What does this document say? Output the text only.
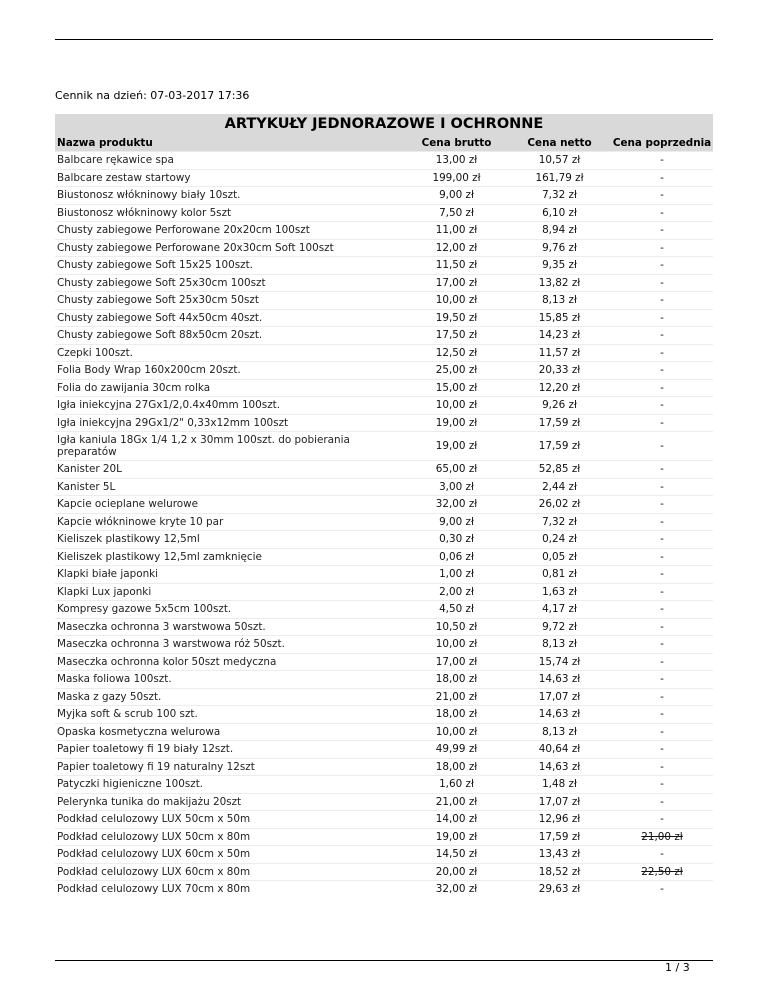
Cennik na dzień: 07-03-2017 17:36
ARTYKUŁY JEDNORAZOWE I OCHRONNE
Nazwa produktu	Cena brutto	Cena netto	Cena poprzednia
Balbcare rękawice spa	13,00 zł	10,57 zł	-
Balbcare zestaw startowy	199,00 zł	161,79 zł	-
Biustonosz włókninowy biały 10szt.	9,00 zł	7,32 zł	-
Biustonosz włókninowy kolor 5szt	7,50 zł	6,10 zł	-
Chusty zabiegowe Perforowane 20x20cm 100szt	11,00 zł	8,94 zł	-
Chusty zabiegowe Perforowane 20x30cm Soft 100szt	12,00 zł	9,76 zł	-
Chusty zabiegowe Soft 15x25 100szt.	11,50 zł	9,35 zł	-
Chusty zabiegowe Soft 25x30cm 100szt	17,00 zł	13,82 zł	-
Chusty zabiegowe Soft 25x30cm 50szt	10,00 zł	8,13 zł	-
Chusty zabiegowe Soft 44x50cm 40szt.	19,50 zł	15,85 zł	-
Chusty zabiegowe Soft 88x50cm 20szt.	17,50 zł	14,23 zł	-
Czepki 100szt.	12,50 zł	11,57 zł	-
Folia Body Wrap 160x200cm 20szt.	25,00 zł	20,33 zł	-
Folia do zawijania 30cm rolka	15,00 zł	12,20 zł	-
Igła iniekcyjna 27Gx1/2,0.4x40mm 100szt.	10,00 zł	9,26 zł	-
Igła iniekcyjna 29Gx1/2" 0,33x12mm 100szt	19,00 zł	17,59 zł	-
Igła kaniula 18Gx 1/4 1,2 x 30mm 100szt. do pobierania preparatów	19,00 zł	17,59 zł	-
Kanister 20L	65,00 zł	52,85 zł	-
Kanister 5L	3,00 zł	2,44 zł	-
Kapcie ocieplane welurowe	32,00 zł	26,02 zł	-
Kapcie włókninowe kryte 10 par	9,00 zł	7,32 zł	-
Kieliszek plastikowy 12,5ml	0,30 zł	0,24 zł	-
Kieliszek plastikowy 12,5ml zamknięcie	0,06 zł	0,05 zł	-
Klapki białe japonki	1,00 zł	0,81 zł	-
Klapki Lux japonki	2,00 zł	1,63 zł	-
Kompresy gazowe 5x5cm 100szt.	4,50 zł	4,17 zł	-
Maseczka ochronna 3 warstwowa 50szt.	10,50 zł	9,72 zł	-
Maseczka ochronna 3 warstwowa róż 50szt.	10,00 zł	8,13 zł	-
Maseczka ochronna kolor 50szt medyczna	17,00 zł	15,74 zł	-
Maska foliowa 100szt.	18,00 zł	14,63 zł	-
Maska z gazy 50szt.	21,00 zł	17,07 zł	-
Myjka soft & scrub 100 szt.	18,00 zł	14,63 zł	-
Opaska kosmetyczna welurowa	10,00 zł	8,13 zł	-
Papier toaletowy fi 19 biały 12szt.	49,99 zł	40,64 zł	-
Papier toaletowy fi 19 naturalny 12szt	18,00 zł	14,63 zł	-
Patyczki higieniczne 100szt.	1,60 zł	1,48 zł	-
Pelerynka tunika do makijażu 20szt	21,00 zł	17,07 zł	-
Podkład celulozowy LUX 50cm x 50m	14,00 zł	12,96 zł	-
Podkład celulozowy LUX 50cm x 80m	19,00 zł	17,59 zł	21,00 zł
Podkład celulozowy LUX 60cm x 50m	14,50 zł	13,43 zł	-
Podkład celulozowy LUX 60cm x 80m	20,00 zł	18,52 zł	22,50 zł
Podkład celulozowy LUX 70cm x 80m	32,00 zł	29,63 zł	-
1 / 3
